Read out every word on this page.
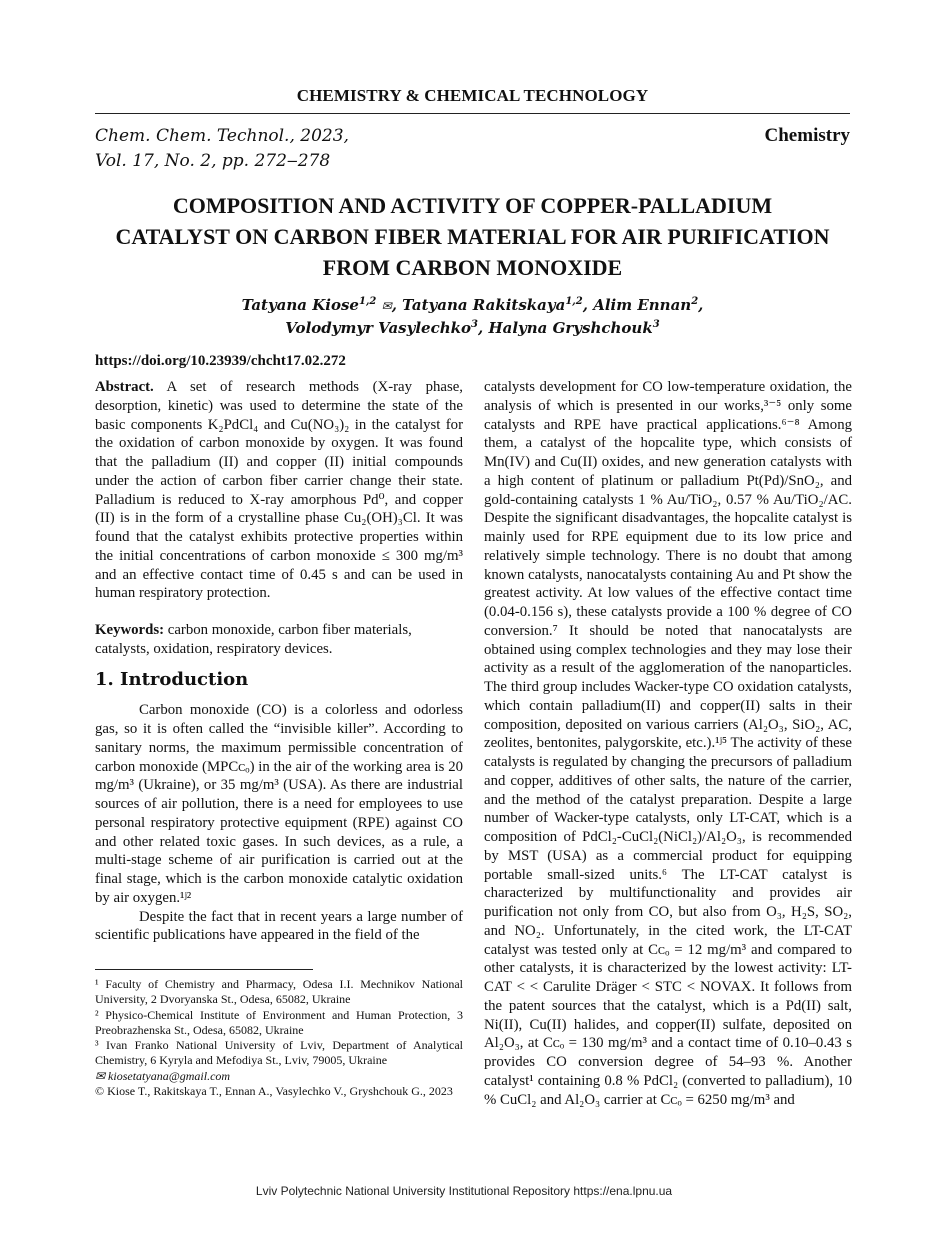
CHEMISTRY & CHEMICAL TECHNOLOGY
Chem. Chem. Technol., 2023,
Vol. 17, No. 2, pp. 272‒278
Chemistry
COMPOSITION AND ACTIVITY OF COPPER-PALLADIUM
CATALYST ON CARBON FIBER MATERIAL FOR AIR PURIFICATION
FROM CARBON MONOXIDE
Tatyana Kiose$^{1,2}$ ✉, Tatyana Rakitskaya$^{1,2}$, Alim Ennan$^2$,
Volodymyr Vasylechko$^3$, Halyna Gryshchouk$^3$
https://doi.org/10.23939/chcht17.02.272

Abstract. A set of research methods (X-ray phase, desorption, kinetic) was used to determine the state of the basic components K₂PdCl₄ and Cu(NO₃)₂ in the catalyst for the oxidation of carbon monoxide by oxygen. It was found that the palladium (II) and copper (II) initial compounds under the action of carbon fiber carrier change their state. Palladium is reduced to X-ray amorphous Pd⁰, and copper (II) is in the form of a crystalline phase Cu₂(OH)₃Cl. It was found that the catalyst exhibits protective properties within the initial concentrations of carbon monoxide ≤ 300 mg/m³ and an effective contact time of 0.45 s and can be used in human respiratory protection.

Keywords: carbon monoxide, carbon fiber materials, catalysts, oxidation, respiratory devices.

1. Introduction

Carbon monoxide (CO) is a colorless and odorless gas, so it is often called the “invisible killer”. According to sanitary norms, the maximum permissible concentration of carbon monoxide (MPCᴄₒ) in the air of the working area is 20 mg/m³ (Ukraine), or 35 mg/m³ (USA). As there are industrial sources of air pollution, there is a need for employees to use personal respiratory protective equipment (RPE) against CO and other related toxic gases. In such devices, as a rule, a multi-stage scheme of air purification is carried out at the final stage, which is the carbon monoxide catalytic oxidation by air oxygen.¹ʲ²

Despite the fact that in recent years a large number of scientific publications have appeared in the field of the

¹ Faculty of Chemistry and Pharmacy, Odesa I.I. Mechnikov National University, 2 Dvoryanska St., Odesa, 65082, Ukraine

² Physico-Chemical Institute of Environment and Human Protection, 3 Preobrazhenska St., Odesa, 65082, Ukraine

³ Ivan Franko National University of Lviv, Department of Analytical Chemistry, 6 Kyryla and Mefodiya St., Lviv, 79005, Ukraine

✉ kiosetatyana@gmail.com

© Kiose T., Rakitskaya T., Ennan A., Vasylechko V., Gryshchouk G., 2023

catalysts development for CO low-temperature oxidation, the analysis of which is presented in our works,³⁻⁵ only some catalysts and RPE have practical applications.⁶⁻⁸ Among them, a catalyst of the hopcalite type, which consists of Mn(IV) and Cu(II) oxides, and new generation catalysts with a high content of platinum or palladium Pt(Pd)/SnO₂, and gold-containing catalysts 1 % Au/TiO₂, 0.57 % Au/TiO₂/AC. Despite the significant disadvantages, the hopcalite catalyst is mainly used for RPE equipment due to its low price and relatively simple technology. There is no doubt that among known catalysts, nanocatalysts containing Au and Pt show the greatest activity. At low values of the effective contact time (0.04-0.156 s), these catalysts provide a 100 % degree of CO conversion.⁷ It should be noted that nanocatalysts are obtained using complex technologies and they may lose their activity as a result of the agglomeration of the nanoparticles. The third group includes Wacker-type CO oxidation catalysts, which contain palladium(II) and copper(II) salts in their composition, deposited on various carriers (Al₂O₃, SiO₂, AC, zeolites, bentonites, palygorskite, etc.).¹ʲ⁵ The activity of these catalysts is regulated by changing the precursors of palladium and copper, additives of other salts, the nature of the carrier, and the method of the catalyst preparation. Despite a large number of Wacker-type catalysts, only LT-CAT, which is a composition of PdCl₂-CuCl₂(NiCl₂)/Al₂O₃, is recommended by MST (USA) as a commercial product for equipping portable small-sized units.⁶ The LT-CAT catalyst is characterized by multifunctionality and provides air purification not only from CO, but also from O₃, H₂S, SO₂, and NO₂. Unfortunately, in the cited work, the LT-CAT catalyst was tested only at Cᴄₒ = 12 mg/m³ and compared to other catalysts, it is characterized by the lowest activity: LT-CAT < < Carulite Dräger < STC < NOVAX. It follows from the patent sources that the catalyst, which is a Pd(II) salt, Ni(II), Cu(II) halides, and copper(II) sulfate, deposited on Al₂O₃, at Cᴄₒ = 130 mg/m³ and a contact time of 0.10–0.43 s provides CO conversion degree of 54–93 %. Another catalyst¹ containing 0.8 % PdCl₂ (converted to palladium), 10 % CuCl₂ and Al₂O₃ carrier at Cᴄₒ = 6250 mg/m³ and

Lviv Polytechnic National University Institutional Repository https://ena.lpnu.ua
